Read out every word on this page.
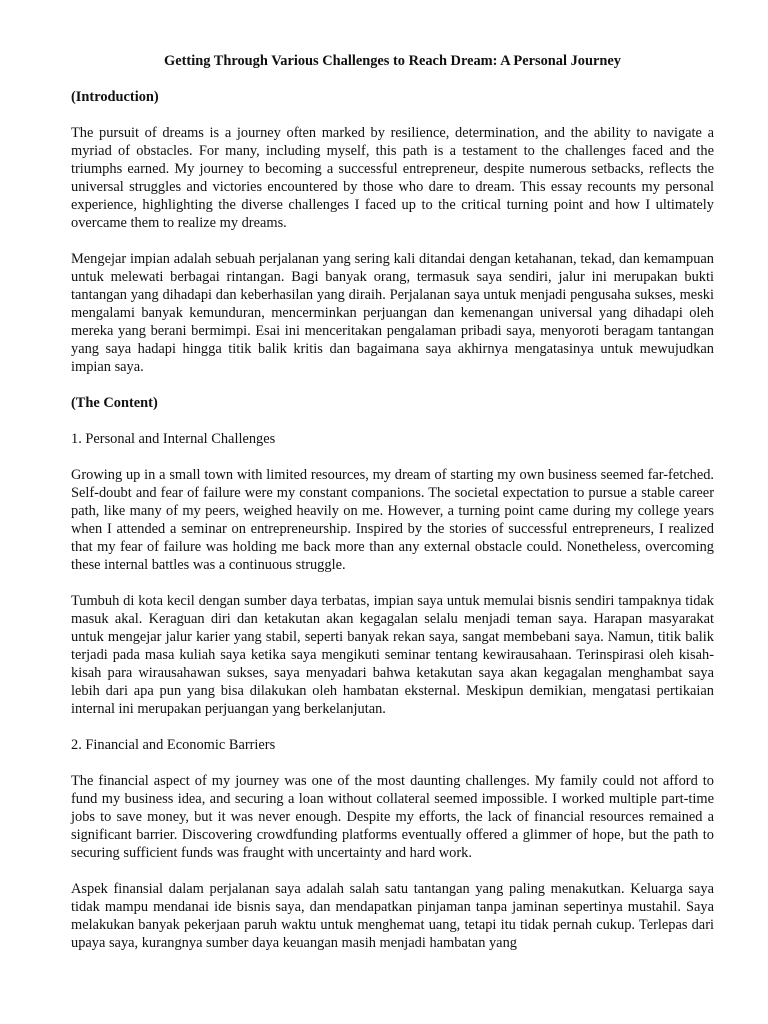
Getting Through Various Challenges to Reach Dream: A Personal Journey
(Introduction)

The pursuit of dreams is a journey often marked by resilience, determination, and the ability to navigate a myriad of obstacles. For many, including myself, this path is a testament to the challenges faced and the triumphs earned. My journey to becoming a successful entrepreneur, despite numerous setbacks, reflects the universal struggles and victories encountered by those who dare to dream. This essay recounts my personal experience, highlighting the diverse challenges I faced up to the critical turning point and how I ultimately overcame them to realize my dreams.

Mengejar impian adalah sebuah perjalanan yang sering kali ditandai dengan ketahanan, tekad, dan kemampuan untuk melewati berbagai rintangan. Bagi banyak orang, termasuk saya sendiri, jalur ini merupakan bukti tantangan yang dihadapi dan keberhasilan yang diraih. Perjalanan saya untuk menjadi pengusaha sukses, meski mengalami banyak kemunduran, mencerminkan perjuangan dan kemenangan universal yang dihadapi oleh mereka yang berani bermimpi. Esai ini menceritakan pengalaman pribadi saya, menyoroti beragam tantangan yang saya hadapi hingga titik balik kritis dan bagaimana saya akhirnya mengatasinya untuk mewujudkan impian saya.

(The Content)
1. Personal and Internal Challenges

Growing up in a small town with limited resources, my dream of starting my own business seemed far-fetched. Self-doubt and fear of failure were my constant companions. The societal expectation to pursue a stable career path, like many of my peers, weighed heavily on me. However, a turning point came during my college years when I attended a seminar on entrepreneurship. Inspired by the stories of successful entrepreneurs, I realized that my fear of failure was holding me back more than any external obstacle could. Nonetheless, overcoming these internal battles was a continuous struggle.

Tumbuh di kota kecil dengan sumber daya terbatas, impian saya untuk memulai bisnis sendiri tampaknya tidak masuk akal. Keraguan diri dan ketakutan akan kegagalan selalu menjadi teman saya. Harapan masyarakat untuk mengejar jalur karier yang stabil, seperti banyak rekan saya, sangat membebani saya. Namun, titik balik terjadi pada masa kuliah saya ketika saya mengikuti seminar tentang kewirausahaan. Terinspirasi oleh kisah-kisah para wirausahawan sukses, saya menyadari bahwa ketakutan saya akan kegagalan menghambat saya lebih dari apa pun yang bisa dilakukan oleh hambatan eksternal. Meskipun demikian, mengatasi pertikaian internal ini merupakan perjuangan yang berkelanjutan.

2. Financial and Economic Barriers

The financial aspect of my journey was one of the most daunting challenges. My family could not afford to fund my business idea, and securing a loan without collateral seemed impossible. I worked multiple part-time jobs to save money, but it was never enough. Despite my efforts, the lack of financial resources remained a significant barrier. Discovering crowdfunding platforms eventually offered a glimmer of hope, but the path to securing sufficient funds was fraught with uncertainty and hard work.

Aspek finansial dalam perjalanan saya adalah salah satu tantangan yang paling menakutkan. Keluarga saya tidak mampu mendanai ide bisnis saya, dan mendapatkan pinjaman tanpa jaminan sepertinya mustahil. Saya melakukan banyak pekerjaan paruh waktu untuk menghemat uang, tetapi itu tidak pernah cukup. Terlepas dari upaya saya, kurangnya sumber daya keuangan masih menjadi hambatan yang
